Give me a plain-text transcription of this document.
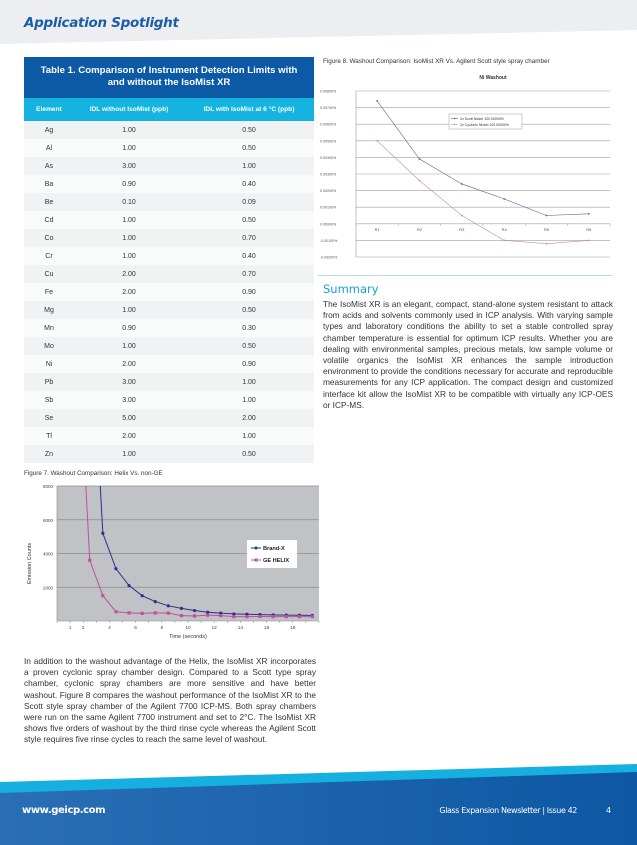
Application Spotlight
Table 1. Comparison of Instrument Detection Limits with and without the IsoMist XR		
Element	IDL without IsoMist (ppb)	IDL with IsoMist at 6 °C (ppb)
Ag	1.00	0.50
Al	1.00	0.50
As	3.00	1.00
Ba	0.90	0.40
Be	0.10	0.09
Cd	1.00	0.50
Co	1.00	0.70
Cr	1.00	0.40
Cu	2.00	0.70
Fe	2.00	0.90
Mg	1.00	0.50
Mn	0.90	0.30
Mo	1.00	0.50
Ni	2.00	0.90
Pb	3.00	1.00
Sb	3.00	1.00
Se	5.00	2.00
Tl	2.00	1.00
Zn	1.00	0.50
Figure 7. Washout Comparison: Helix Vs. non-GE
2000
4000
6000
8000
1 2	4	6	8	10	12	14	16	18
Time (seconds)
Emission Counts	Brand-X
GE HELIX
Figure 8. Washout Comparison: IsoMist XR Vs. Agilent Scott style spray chamber
Ni Washout
0.00800%
0.00700%
0.00600%
0.00500%
0.00400%
0.00300%
0.00200%
0.00100%
0.00000%
-0.00100%
-0.00200%
R1	R2	R3	R4	R5	R6
2x Scott Nickel 100.00000%
2x Cyclonic Nickel 100.00000%
Summary
The IsoMist XR is an elegant, compact, stand-alone system resistant to attack from acids and solvents commonly used in ICP analysis. With varying sample types and laboratory conditions the ability to set a stable controlled spray chamber temperature is essential for optimum ICP results. Whether you are dealing with environmental samples, precious metals, low sample volume or volatile organics the IsoMist XR enhances the sample introduction environment to provide the conditions necessary for accurate and reproducible measurements for any ICP application. The compact design and customized interface kit allow the IsoMist XR to be compatible with virtually any ICP-OES or ICP-MS.
In addition to the washout advantage of the Helix, the IsoMist XR incorporates a proven cyclonic spray chamber design. Compared to a Scott type spray chamber, cyclonic spray chambers are more sensitive and have better washout. Figure 8 compares the washout performance of the IsoMist XR to the Scott style spray chamber of the Agilent 7700 ICP-MS. Both spray chambers were run on the same Agilent 7700 instrument and set to 2°C. The IsoMist XR shows five orders of washout by the third rinse cycle whereas the Agilent Scott style requires five rinse cycles to reach the same level of washout.
www.geicp.com	Glass Expansion Newsletter | Issue 42	4
